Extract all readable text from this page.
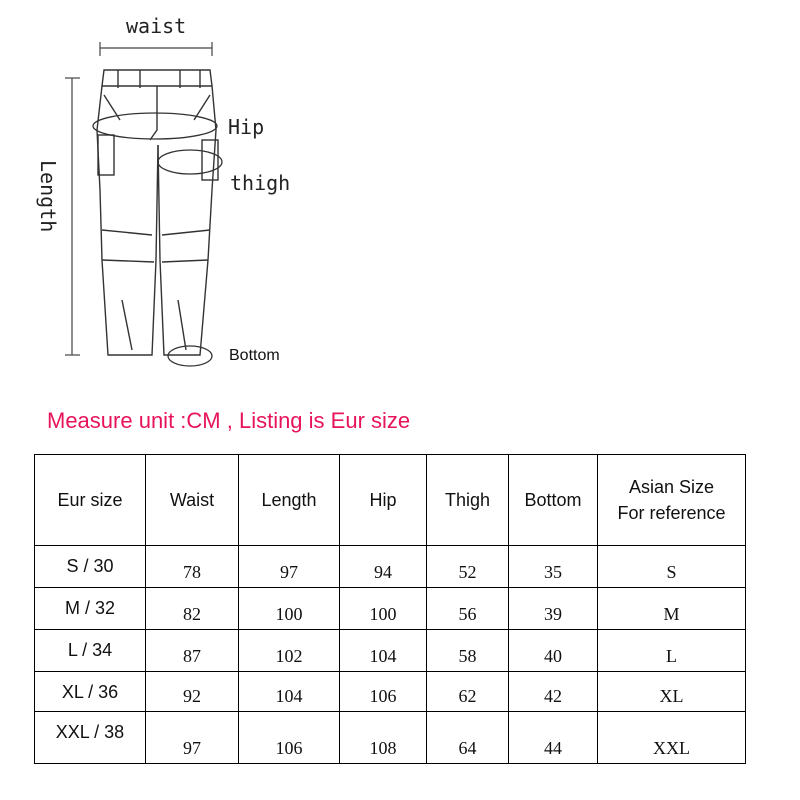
waist
Hip
thigh
Length
Bottom
Measure unit :CM , Listing is Eur size
Eur size	Waist	Length	Hip	Thigh	Bottom	Asian Size
For reference

S / 30	78	97	94	52	35	S

M / 32	82	100	100	56	39	M

L / 34	87	102	104	58	40	L

XL / 36	92	104	106	62	42	XL

XXL / 38	97	106	108	64	44	XXL
